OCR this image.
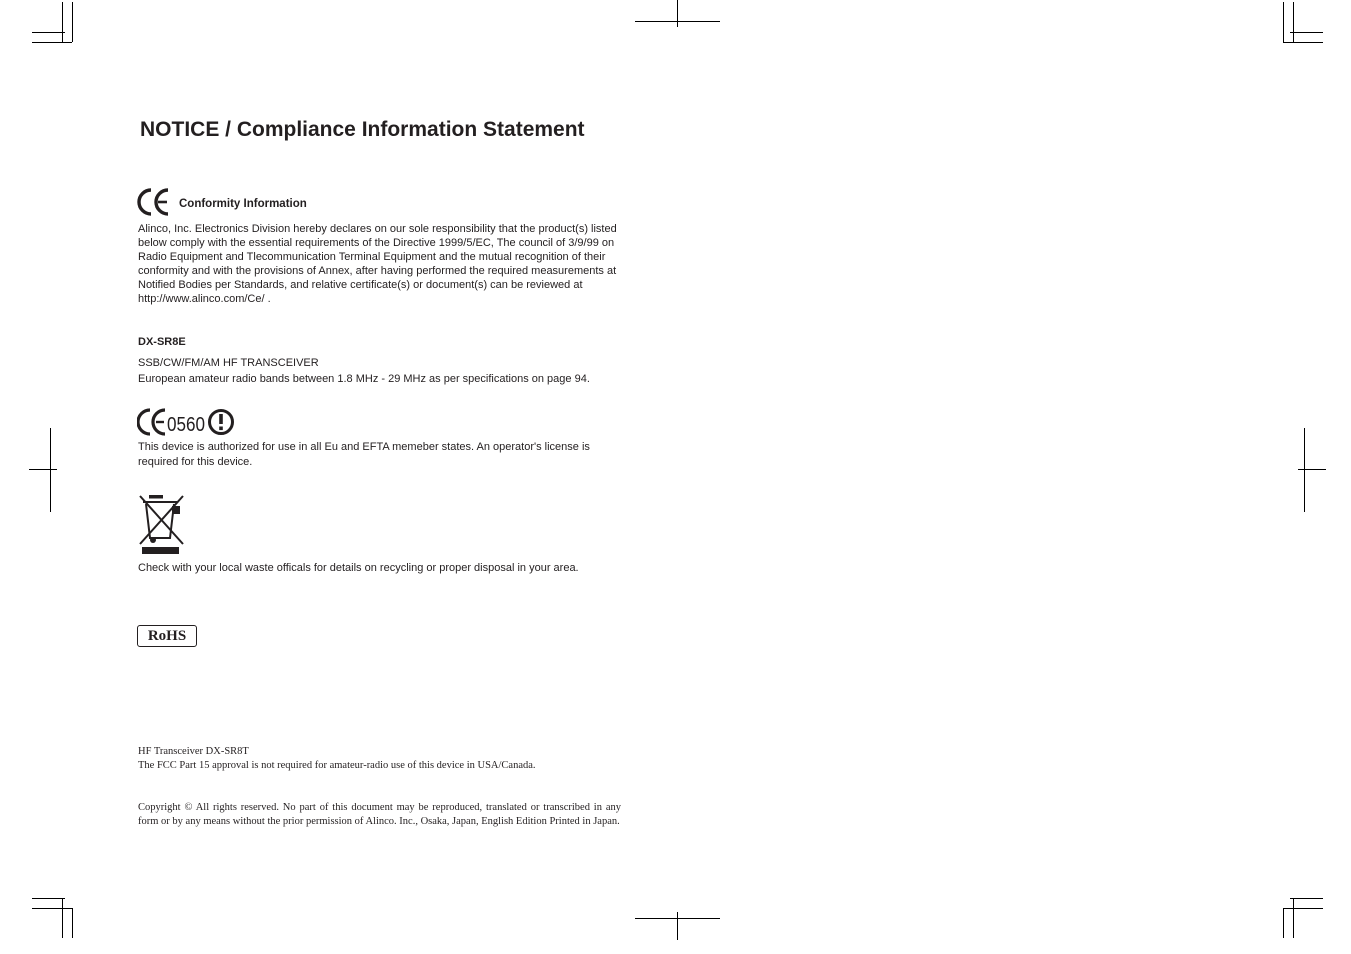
NOTICE / Compliance Information Statement
Conformity Information
Alinco, Inc. Electronics Division hereby declares on our sole responsibility that the product(s) listed below comply with the essential requirements of the Directive 1999/5/EC, The council of 3/9/99 on Radio Equipment and Tlecommunication Terminal Equipment and the mutual recognition of their conformity and with the provisions of Annex, after having performed the required measurements at Notified Bodies per Standards, and relative certificate(s) or document(s) can be reviewed at http://www.alinco.com/Ce/ .
DX-SR8E
SSB/CW/FM/AM HF TRANSCEIVER
European amateur radio bands between 1.8 MHz - 29 MHz as per specifications on page 94.
0560
This device is authorized for use in all Eu and EFTA memeber states. An operator's license is required for this device.
Check with your local waste officals for details on recycling or proper disposal in your area.
RoHS
HF Transceiver DX-SR8T
The FCC Part 15 approval is not required for amateur-radio use of this device in USA/Canada.
Copyright © All rights reserved. No part of this document may be reproduced, translated or transcribed in any form or by any means without the prior permission of Alinco. Inc., Osaka, Japan, English Edition Printed in Japan.
